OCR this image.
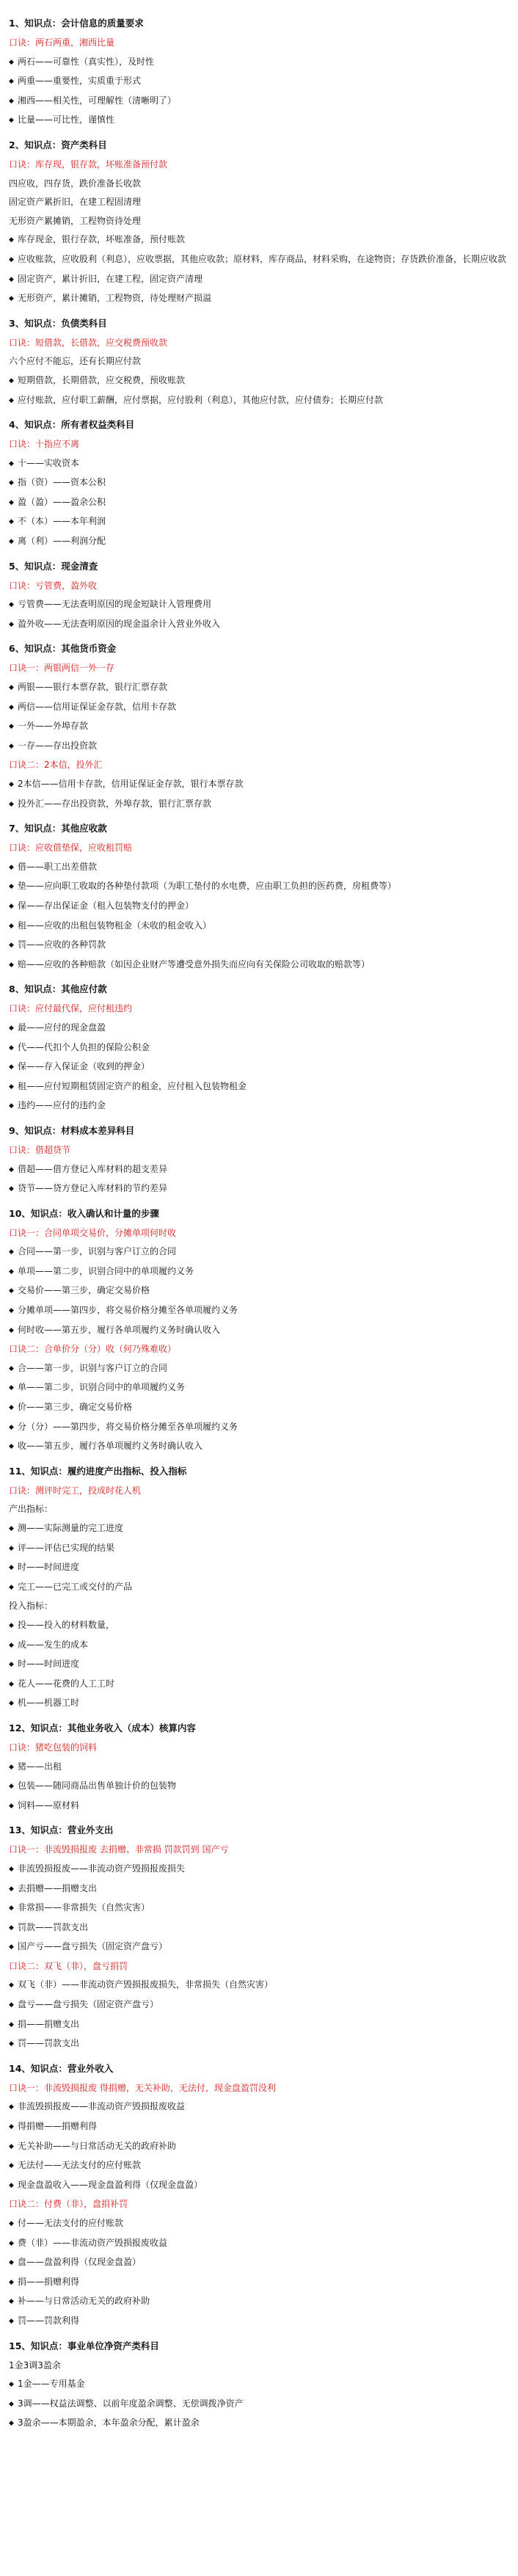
1、知识点：会计信息的质量要求
口诀：两石两重，湘西比量
◆ 两石——可靠性（真实性），及时性
◆ 两重——重要性，实质重于形式
◆ 湘西——相关性，可理解性（清晰明了）
◆ 比量——可比性，谨慎性
2、知识点：资产类科目
口诀：库存现，银存款，坏账准备预付款
四应收，四存货，跌价准备长收款
固定资产累折旧，在建工程固清理
无形资产累摊销，工程物资待处理
◆ 库存现金，银行存款，坏账准备，预付账款
◆ 应收账款，应收股利（利息），应收票据，其他应收款；原材料，库存商品，材料采购，在途物资；存货跌价准备，长期应收款
◆ 固定资产，累计折旧，在建工程，固定资产清理
◆ 无形资产，累计摊销，工程物资，待处理财产损溢
3、知识点：负债类科目
口诀：短借款，长借款，应交税费预收款
六个应付不能忘，还有长期应付款
◆ 短期借款，长期借款，应交税费，预收账款
◆ 应付账款，应付职工薪酬，应付票据，应付股利（利息），其他应付款，应付债券；长期应付款
4、知识点：所有者权益类科目
口诀：十指应不离
◆ 十——实收资本
◆ 指（资）——资本公积
◆ 盈（盈）——盈余公积
◆ 不（本）——本年利润
◆ 离（利）——利润分配
5、知识点：现金清查
口诀：亏管费，盈外收
◆ 亏管费——无法查明原因的现金短缺计入管理费用
◆ 盈外收——无法查明原因的现金溢余计入营业外收入
6、知识点：其他货币资金
口诀一：两银两信一外一存
◆ 两银——银行本票存款，银行汇票存款
◆ 两信——信用证保证金存款，信用卡存款
◆ 一外——外埠存款
◆ 一存——存出投资款
口诀二：2本信，投外汇
◆ 2本信——信用卡存款，信用证保证金存款，银行本票存款
◆ 投外汇——存出投资款，外埠存款，银行汇票存款
7、知识点：其他应收款
口诀：应收借垫保，应收租罚赔
◆ 借——职工出差借款
◆ 垫——应向职工收取的各种垫付款项（为职工垫付的水电费，应由职工负担的医药费，房租费等）
◆ 保——存出保证金（租入包装物支付的押金）
◆ 租——应收的出租包装物租金（未收的租金收入）
◆ 罚——应收的各种罚款
◆ 赔——应收的各种赔款（如因企业财产等遭受意外损失而应向有关保险公司收取的赔款等）
8、知识点：其他应付款
口诀：应付最代保，应付租违约
◆ 最——应付的现金盘盈
◆ 代——代扣个人负担的保险公积金
◆ 保——存入保证金（收到的押金）
◆ 租——应付短期租赁固定资产的租金，应付租入包装物租金
◆ 违约——应付的违约金
9、知识点：材料成本差异科目
口诀：借超贷节
◆ 借超——借方登记入库材料的超支差异
◆ 贷节——贷方登记入库材料的节约差异
10、知识点：收入确认和计量的步骤
口诀一：合同单项交易价，分摊单项何时收
◆ 合同——第一步，识别与客户订立的合同
◆ 单项——第二步，识别合同中的单项履约义务
◆ 交易价——第三步，确定交易价格
◆ 分摊单项——第四步，将交易价格分摊至各单项履约义务
◆ 何时收——第五步，履行各单项履约义务时确认收入
口诀二：合单价分（分）收（何乃殊难收）
◆ 合——第一步，识别与客户订立的合同
◆ 单——第二步，识别合同中的单项履约义务
◆ 价——第三步，确定交易价格
◆ 分（分）——第四步，将交易价格分摊至各单项履约义务
◆ 收——第五步，履行各单项履约义务时确认收入
11、知识点：履约进度产出指标、投入指标
口诀：测评时完工，投成时花人机
产出指标：
◆ 测——实际测量的完工进度
◆ 评——评估已实现的结果
◆ 时——时间进度
◆ 完工——已完工或交付的产品
投入指标：
◆ 投——投入的材料数量，
◆ 成——发生的成本
◆ 时——时间进度
◆ 花人——花费的人工工时
◆ 机——机器工时
12、知识点：其他业务收入（成本）核算内容
口诀：猪吃包装的饲料
◆ 猪——出租
◆ 包装——随同商品出售单独计价的包装物
◆ 饲料——原材料
13、知识点：营业外支出
口诀一：非流毁损报废 去捐赠、非常损 罚款罚到 国产亏
◆ 非流毁损报废——非流动资产毁损报废损失
◆ 去捐赠——捐赠支出
◆ 非常损——非常损失（自然灾害）
◆ 罚款——罚款支出
◆ 国产亏——盘亏损失（固定资产盘亏）
口诀二：双飞（非），盘亏捐罚
◆ 双飞（非）——非流动资产毁损报废损失，非常损失（自然灾害）
◆ 盘亏——盘亏损失（固定资产盘亏）
◆ 捐——捐赠支出
◆ 罚——罚款支出
14、知识点：营业外收入
口诀一：非流毁损报废 得捐赠，无关补助，无法付，现金盘盈罚没利
◆ 非流毁损报废——非流动资产毁损报废收益
◆ 得捐赠——捐赠利得
◆ 无关补助——与日常活动无关的政府补助
◆ 无法付——无法支付的应付账款
◆ 现金盘盈收入——现金盘盈利得（仅现金盘盈）
口诀二：付费（非），盘捐补罚
◆ 付——无法支付的应付账款
◆ 费（非）——非流动资产毁损报废收益
◆ 盘——盘盈利得（仅现金盘盈）
◆ 捐——捐赠利得
◆ 补——与日常活动无关的政府补助
◆ 罚——罚款利得
15、知识点：事业单位净资产类科目
1金3调3盈余
◆ 1金——专用基金
◆ 3调——权益法调整、以前年度盈余调整、无偿调拨净资产
◆ 3盈余——本期盈余，本年盈余分配，累计盈余
